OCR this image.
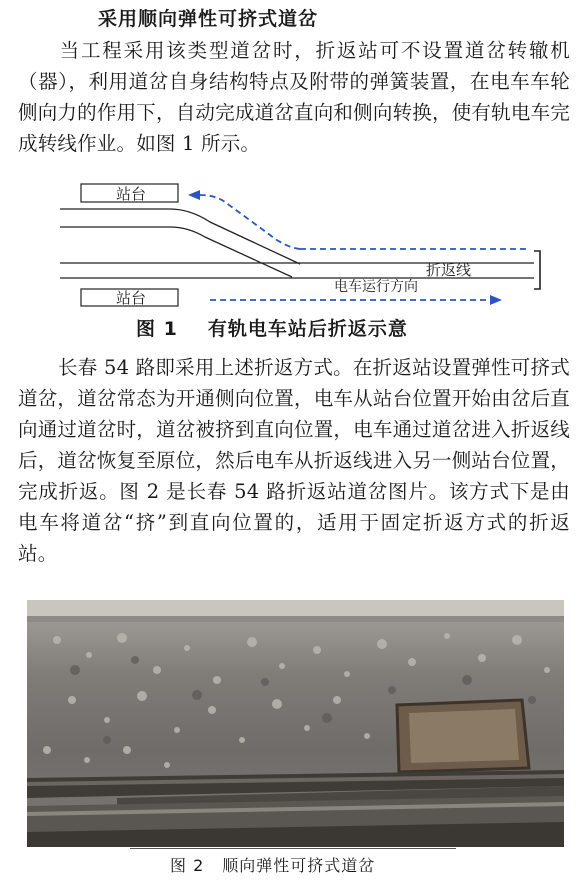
采用顺向弹性可挤式道岔
当工程采用该类型道岔时，折返站可不设置道岔转辙机（器），利用道岔自身结构特点及附带的弹簧装置，在电车车轮侧向力的作用下，自动完成道岔直向和侧向转换，使有轨电车完成转线作业。如图 1 所示。
站台
折返线
站台
电车运行方向
图 1 有轨电车站后折返示意
长春 54 路即采用上述折返方式。在折返站设置弹性可挤式道岔，道岔常态为开通侧向位置，电车从站台位置开始由岔后直向通过道岔时，道岔被挤到直向位置，电车通过道岔进入折返线后，道岔恢复至原位，然后电车从折返线进入另一侧站台位置，完成折返。图 2 是长春 54 路折返站道岔图片。该方式下是由电车将道岔“挤”到直向位置的，适用于固定折返方式的折返站。
图 2 顺向弹性可挤式道岔
